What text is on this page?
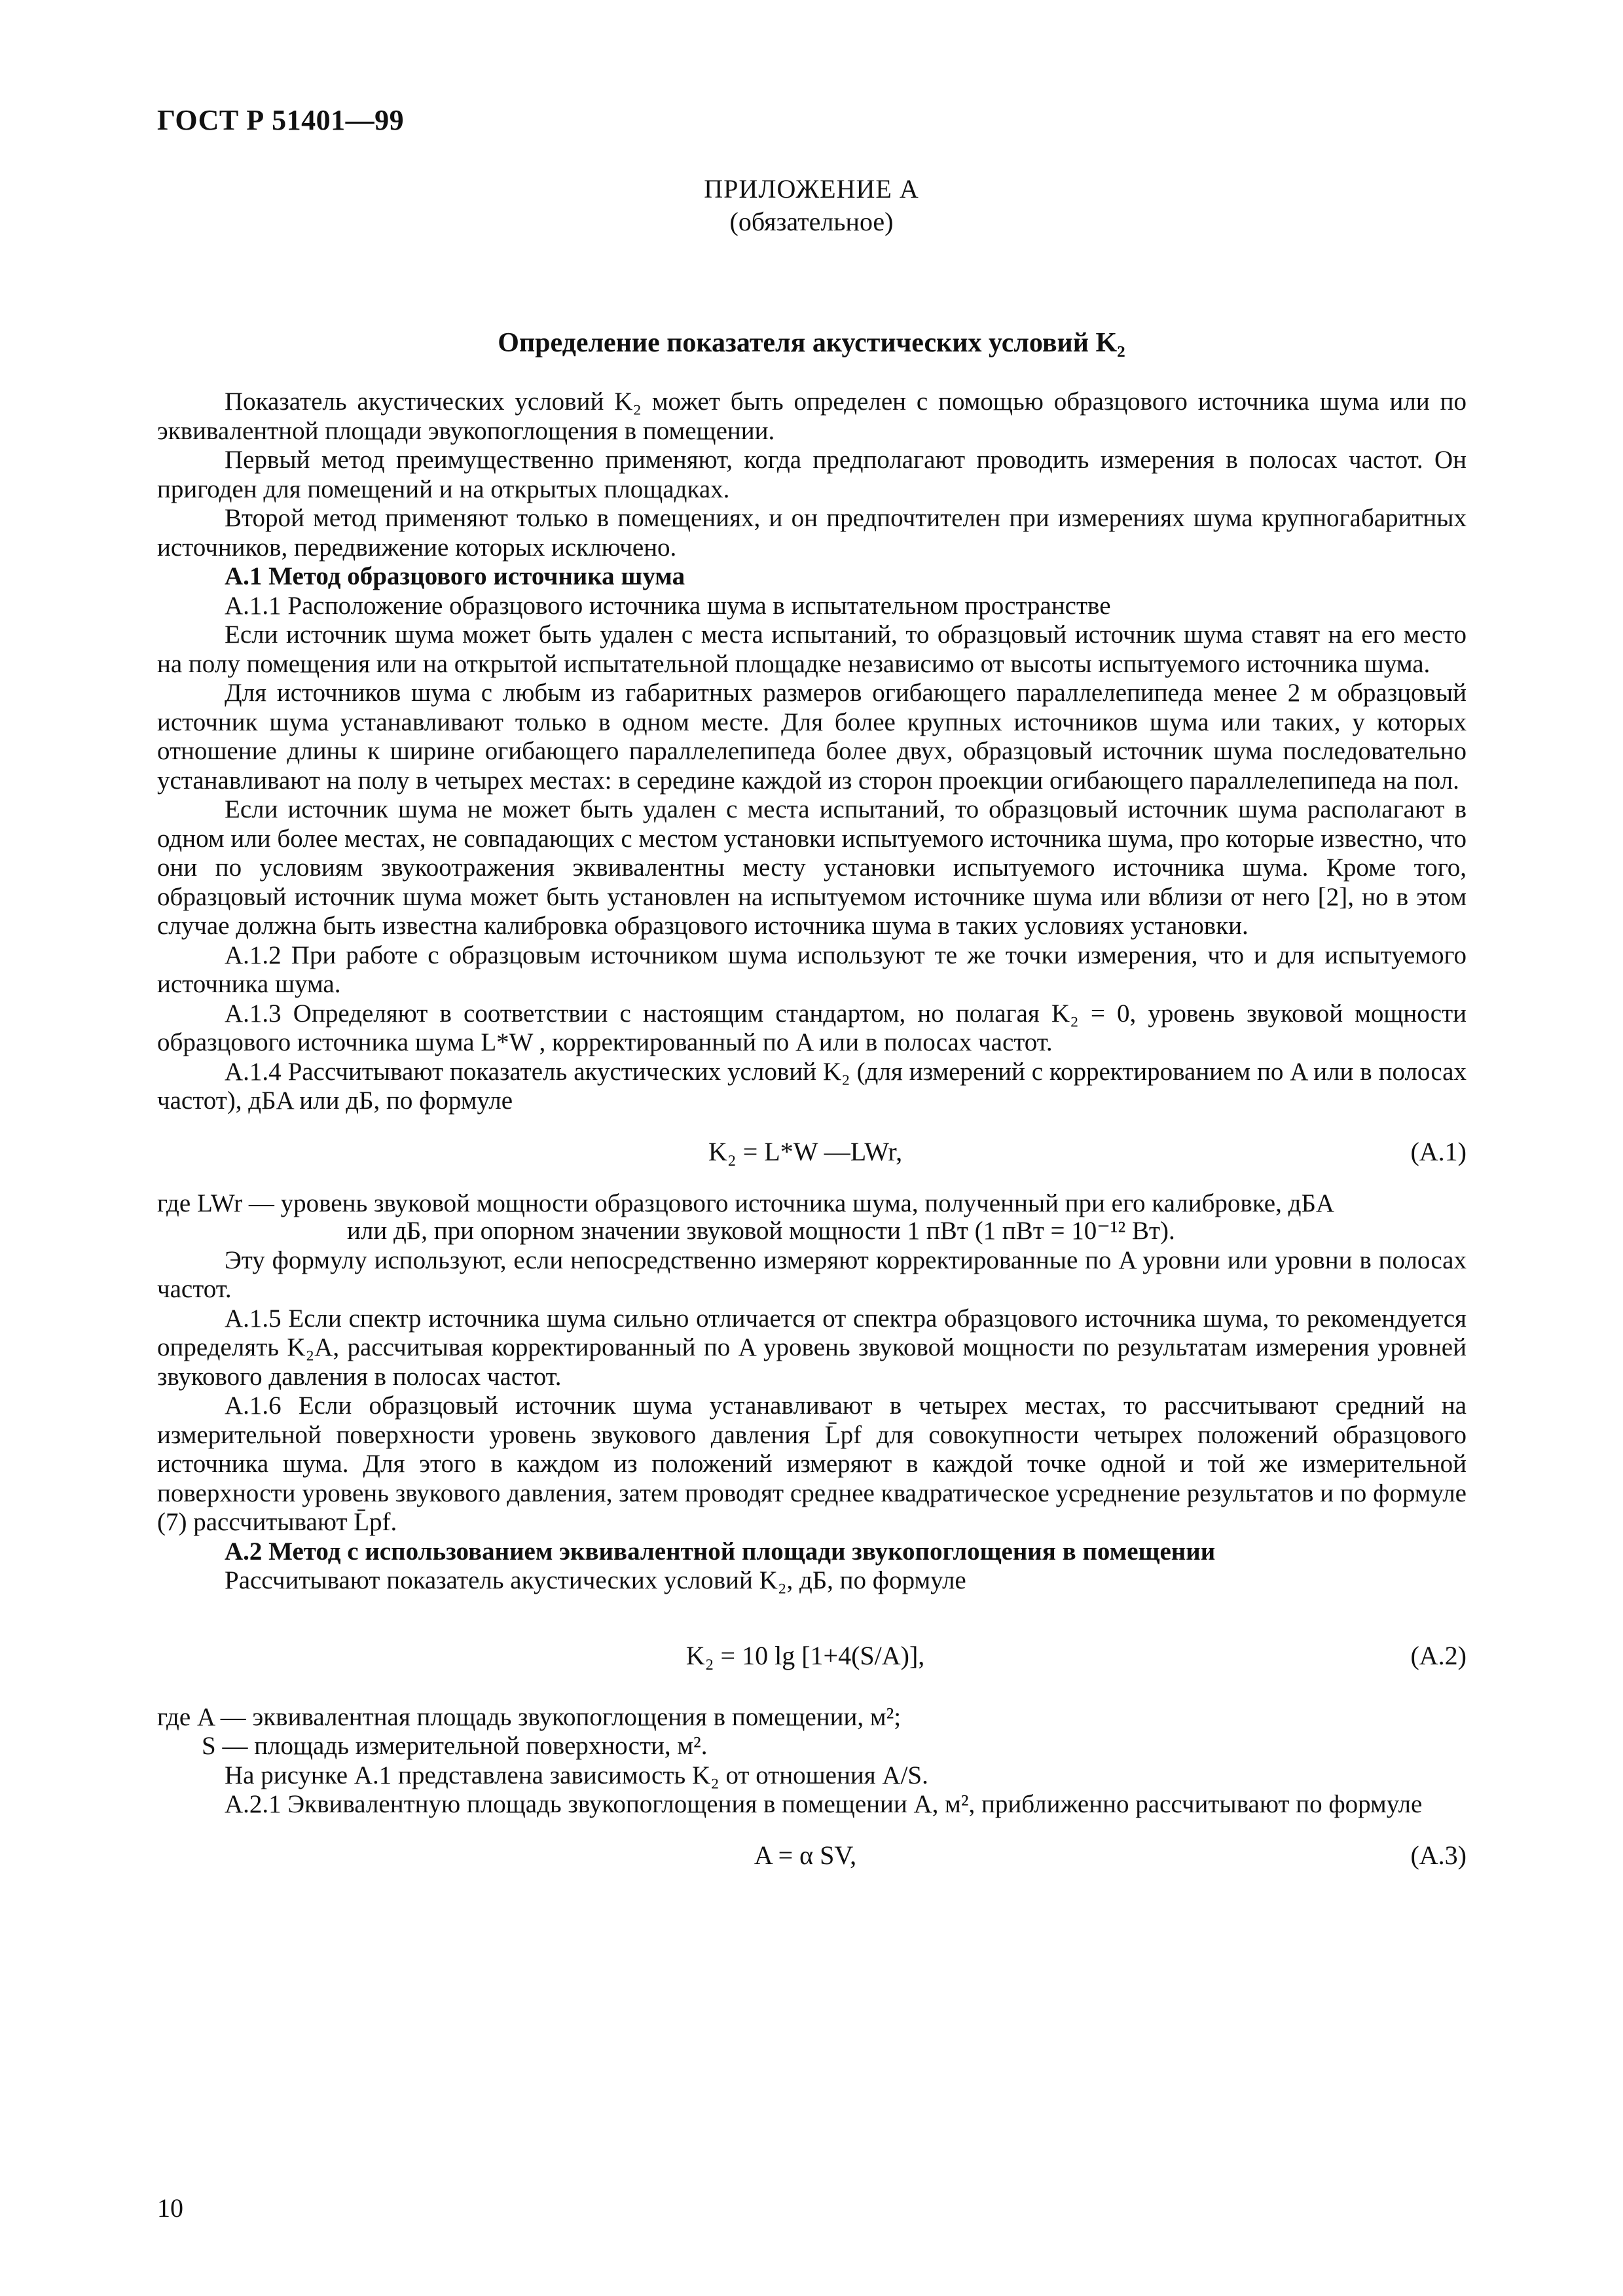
ГОСТ Р 51401—99
ПРИЛОЖЕНИЕ А
(обязательное)
Определение показателя акустических условий K₂

Показатель акустических условий K₂ может быть определен с помощью образцового источника шума или по эквивалентной площади эвукопоглощения в помещении.

Первый метод преимущественно применяют, когда предполагают проводить измерения в полосах частот. Он пригоден для помещений и на открытых площадках.

Второй метод применяют только в помещениях, и он предпочтителен при измерениях шума крупногабаритных источников, передвижение которых исключено.

А.1 Метод образцового источника шума

А.1.1 Расположение образцового источника шума в испытательном пространстве

Если источник шума может быть удален с места испытаний, то образцовый источник шума ставят на его место на полу помещения или на открытой испытательной площадке независимо от высоты испытуемого источника шума.

Для источников шума с любым из габаритных размеров огибающего параллелепипеда менее 2 м образцовый источник шума устанавливают только в одном месте. Для более крупных источников шума или таких, у которых отношение длины к ширине огибающего параллелепипеда более двух, образцовый источник шума последовательно устанавливают на полу в четырех местах: в середине каждой из сторон проекции огибающего параллелепипеда на пол.

Если источник шума не может быть удален с места испытаний, то образцовый источник шума располагают в одном или более местах, не совпадающих с местом установки испытуемого источника шума, про которые известно, что они по условиям звукоотражения эквивалентны месту установки испытуемого источника шума. Кроме того, образцовый источник шума может быть установлен на испытуемом источнике шума или вблизи от него [2], но в этом случае должна быть известна калибровка образцового источника шума в таких условиях установки.

А.1.2 При работе с образцовым источником шума используют те же точки измерения, что и для испытуемого источника шума.

А.1.3 Определяют в соответствии с настоящим стандартом, но полагая K₂ = 0, уровень звуковой мощности образцового источника шума L*W , корректированный по A или в полосах частот.

А.1.4 Рассчитывают показатель акустических условий K₂ (для измерений с корректированием по A или в полосах частот), дБA или дБ, по формуле

K₂ = L*W —LWr,	(А.1)

где LWr — уровень звуковой мощности образцового источника шума, полученный при его калибровке, дБA

или дБ, при опорном значении звуковой мощности 1 пВт (1 пВт = 10⁻¹² Вт).

Эту формулу используют, если непосредственно измеряют корректированные по A уровни или уровни в полосах частот.

А.1.5 Если спектр источника шума сильно отличается от спектра образцового источника шума, то рекомендуется определять K₂A, рассчитывая корректированный по A уровень звуковой мощности по результатам измерения уровней звукового давления в полосах частот.

А.1.6 Если образцовый источник шума устанавливают в четырех местах, то рассчитывают средний на измерительной поверхности уровень звукового давления L̄pf для совокупности четырех положений образцового источника шума. Для этого в каждом из положений измеряют в каждой точке одной и той же измерительной поверхности уровень звукового давления, затем проводят среднее квадратическое усреднение результатов и по формуле (7) рассчитывают L̄pf.

А.2 Метод с использованием эквивалентной площади звукопоглощения в помещении

Рассчитывают показатель акустических условий K₂, дБ, по формуле

K₂ = 10 lg [1+4(S/A)],	(А.2)

где A — эквивалентная площадь звукопоглощения в помещении, м²;

S — площадь измерительной поверхности, м².

На рисунке А.1 представлена зависимость K₂ от отношения A/S.

А.2.1 Эквивалентную площадь звукопоглощения в помещении A, м², приближенно рассчитывают по формуле

A = α SV,	(А.3)
10
